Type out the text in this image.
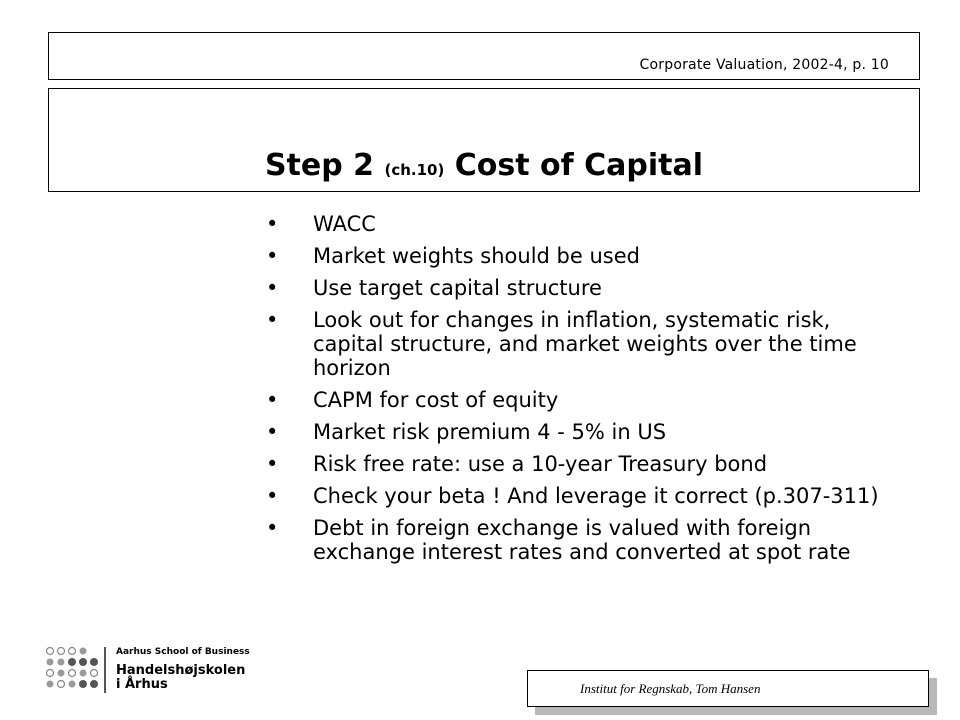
Corporate Valuation, 2002-4, p. 10
Step 2 (ch.10) Cost of Capital
• WACC
• Market weights should be used
• Use target capital structure
• Look out for changes in inflation, systematic risk, capital structure, and market weights over the time horizon
• CAPM for cost of equity
• Market risk premium 4 - 5% in US
• Risk free rate: use a 10-year Treasury bond
• Check your beta ! And leverage it correct (p.307-311)
• Debt in foreign exchange is valued with foreign exchange interest rates and converted at spot rate
Aarhus School of Business
Handelshøjskolen
i Århus	Institut for Regnskab, Tom Hansen
